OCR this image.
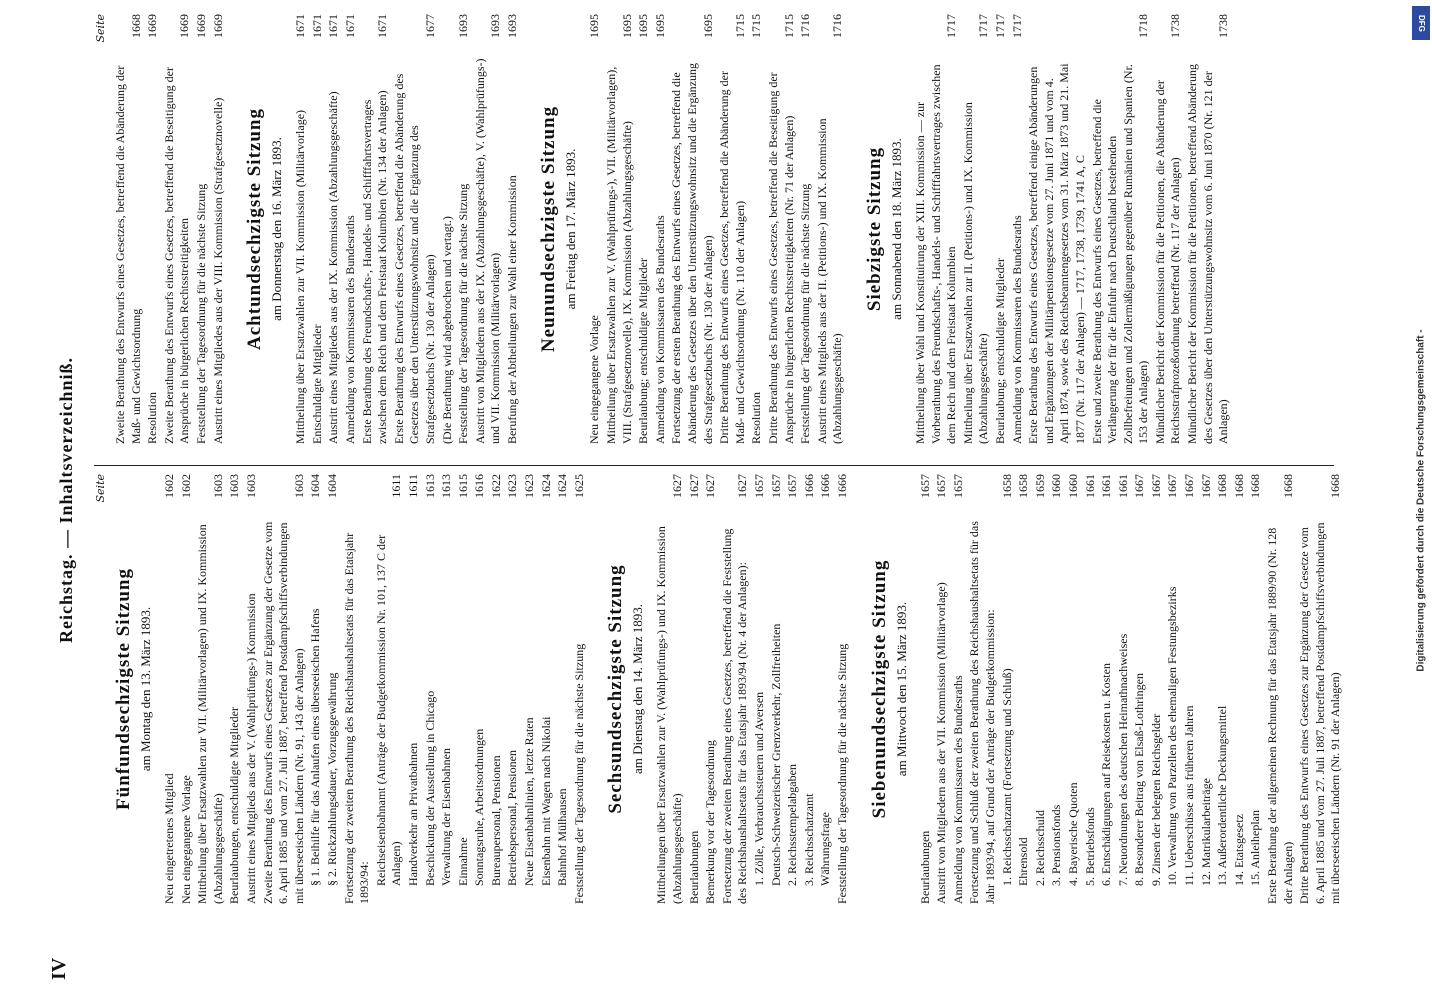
IV
Reichstag. — Inhaltsverzeichniß. Seite
Fünfundsechzigste Sitzung am Montag den 13. März 1893.
Neu eingetretenes Mitglied
1602
Neu eingegangene Vorlage
1602
Mittheilung über Ersatzwahlen zur VII. (Militärvorlagen) und IX. Kommission (Abzahlungsgeschäfte)
1603
Beurlaubungen, entschuldigte Mitglieder
1603
Austritt eines Mitglieds aus der V. (Wahlprüfungs-) Kommission
1603
Zweite Berathung des Entwurfs eines Gesetzes zur Ergänzung der Gesetze vom 6. April 1885 und vom 27. Juli 1887, betreffend Postdampfschiffsverbindungen mit überseeischen Ländern (Nr. 91, 143 der Anlagen)
1603
§ 1. Beihilfe für das Anlaufen eines überseeischen Hafens
1604
§ 2. Rückzahlungsdauer, Vorzugsgewährung
1604
Fortsetzung der zweiten Berathung des Reichshaushaltsetats für das Etatsjahr 1893/94: Reichseisenbahnamt (Anträge der Budgetkommission Nr. 101, 137 C der Anlagen)
1611
Handverkehr an Privatbahnen
1611
Beschickung der Ausstellung in Chicago
1613
Verwaltung der Eisenbahnen
1613
Einnahme
1615
Sonntagsruhe, Arbeitsordnungen
1616
Bureaupersonal, Pensionen
1622
Betriebspersonal, Pensionen
1623
Neue Eisenbahnlinien, letzte Raten
1623
Eisenbahn mit Wagen nach Nikolai
1624
Bahnhof Mülhausen
1624
Feststellung der Tagesordnung für die nächste Sitzung
1625
Sechsundsechzigste Sitzung am Dienstag den 14. März 1893. Mittheilungen über Ersatzwahlen zur V. (Wahlprüfungs-) und IX. Kommission (Abzahlungsgeschäfte)
1627
Beurlaubungen
1627
Bemerkung vor der Tagesordnung
1627
Fortsetzung der zweiten Berathung eines Gesetzes, betreffend die Feststellung des Reichshaushaltsetats für das Etatsjahr 1893/94 (Nr. 4 der Anlagen):
1627
1. Zölle, Verbrauchssteuern und Aversen
1657
Deutsch-Schweizerischer Grenzverkehr, Zollfreiheiten
1657
2. Reichsstempelabgaben
1657
3. Reichsschatzamt
1666
Währungsfrage
1666
Feststellung der Tagesordnung für die nächste Sitzung
1666
Siebenundsechzigste Sitzung am Mittwoch den 15. März 1893.
Beurlaubungen
1657
Austritt von Mitgliedern aus der VII. Kommission (Militärvorlage)
1657
Anmeldung von Kommissaren des Bundesraths
1657
Fortsetzung und Schluß der zweiten Berathung des Reichshaushaltsetats für das Jahr 1893/94, auf Grund der Anträge der Budgetkommission: 1. Reichsschatzamt (Fortsetzung und Schluß)
1658
Ehrensold
1658
2. Reichsschuld
1659
3. Pensionsfonds
1660
4. Bayerische Quoten
1660
5. Betriebsfonds
1661
6. Entschädigungen auf Reisekosten u. Kosten
1661
7. Neuordnungen des deutschen Heimathnachweises
1661
8. Besonderer Beitrag von Elsaß-Lothringen
1667
9. Zinsen der belegten Reichsgelder
1667
10. Verwaltung von Parzellen des ehemaligen Festungsbezirks
1667
11. Ueberschüsse aus früheren Jahren
1667
12. Matrikularbeiträge
1667
13. Außerordentliche Deckungsmittel
1668
14. Etatsgesetz
1668
15. Anleiheplan
1668
Erste Berathung der allgemeinen Rechnung für das Etatsjahr 1889/90 (Nr. 128 der Anlagen)
1668
Dritte Berathung des Entwurfs eines Gesetzes zur Ergänzung der Gesetze vom 6. April 1885 und vom 27. Juli 1887, betreffend Postdampfschiffsverbindungen mit überseeischen Ländern (Nr. 91 der Anlagen)
1668
Seite
Zweite Berathung des Entwurfs eines Gesetzes, betreffend die Abänderung der Maß- und Gewichtsordnung
1668
Resolution
1669
Zweite Berathung des Entwurfs eines Gesetzes, betreffend die Beseitigung der Ansprüche in bürgerlichen Rechtsstreitigkeiten
1669
Feststellung der Tagesordnung für die nächste Sitzung
1669
Austritt eines Mitgliedes aus der VIII. Kommission (Strafgesetznovelle)
1669
Achtundsechzigste Sitzung am Donnerstag den 16. März 1893. Mittheilung über Ersatzwahlen zur VII. Kommission (Militärvorlage)
1671
Entschuldigte Mitglieder
1671
Austritt eines Mitgliedes aus der IX. Kommission (Abzahlungsgeschäfte)
1671
Anmeldung von Kommissaren des Bundesraths
1671
Erste Berathung des Freundschafts-, Handels- und Schifffahrtsvertrages zwischen dem Reich und dem Freistaat Kolumbien (Nr. 134 der Anlagen)
1671
Erste Berathung des Entwurfs eines Gesetzes, betreffend die Abänderung des Gesetzes über den Unterstützungswohnsitz und die Ergänzung des Strafgesetzbuchs (Nr. 130 der Anlagen)
1677
(Die Berathung wird abgebrochen und vertagt.) Feststellung der Tagesordnung für die nächste Sitzung
1693
Austritt von Mitgliedern aus der IX. (Abzahlungsgeschäfte), V. (Wahlprüfungs-) und VII. Kommission (Militärvorlagen)
1693
Berufung der Abtheilungen zur Wahl einer Kommission
1693
Neunundsechzigste Sitzung am Freitag den 17. März 1893.
Neu eingegangene Vorlage
1695
Mittheilung über Ersatzwahlen zur V. (Wahlprüfungs-), VII. (Militärvorlagen), VIII. (Strafgesetznovelle), IX. Kommission (Abzahlungsgeschäfte)
1695
Beurlaubung; entschuldigte Mitglieder
1695
Anmeldung von Kommissaren des Bundesraths
1695
Fortsetzung der ersten Berathung des Entwurfs eines Gesetzes, betreffend die Abänderung des Gesetzes über den Unterstützungswohnsitz und die Ergänzung des Strafgesetzbuchs (Nr. 130 der Anlagen)
1695
Dritte Berathung des Entwurfs eines Gesetzes, betreffend die Abänderung der Maß- und Gewichtsordnung (Nr. 110 der Anlagen)
1715
Resolution
1715
Dritte Berathung des Entwurfs eines Gesetzes, betreffend die Beseitigung der Ansprüche in bürgerlichen Rechtsstreitigkeiten (Nr. 71 der Anlagen)
1715
Feststellung der Tagesordnung für die nächste Sitzung
1716
Austritt eines Mitglieds aus der II. (Petitions-) und IX. Kommission (Abzahlungsgeschäfte)
1716
Siebzigste Sitzung am Sonnabend den 18. März 1893. Mittheilung über Wahl und Konstituirung der XIII. Kommission — zur Vorberathung des Freundschafts-, Handels- und Schifffahrtsvertrages zwischen dem Reich und dem Freistaat Kolumbien
1717
Mittheilung über Ersatzwahlen zur II. (Petitions-) und IX. Kommission (Abzahlungsgeschäfte)
1717
Beurlaubung; entschuldigte Mitglieder
1717
Anmeldung von Kommissaren des Bundesraths
1717
Erste Berathung des Entwurfs eines Gesetzes, betreffend einige Abänderungen und Ergänzungen der Militärpensionsgesetze vom 27. Juni 1871 und vom 4. April 1874, sowie des Reichsbeamtengesetzes vom 31. März 1873 und 21. Mai 1877 (Nr. 117 der Anlagen) — 1717, 1738, 1739, 1741 A, C Erste und zweite Berathung des Entwurfs eines Gesetzes, betreffend die Verlängerung der für die Einfuhr nach Deutschland bestehenden Zollbefreiungen und Zollermäßigungen gegenüber Rumänien und Spanien (Nr. 153 der Anlagen)
1718
Mündlicher Bericht der Kommission für die Petitionen, die Abänderung der Reichsstrafprozeßordnung betreffend (Nr. 117 der Anlagen)
1738
Mündlicher Bericht der Kommission für die Petitionen, betreffend Abänderung des Gesetzes über den Unterstützungswohnsitz vom 6. Juni 1870 (Nr. 121 der Anlagen)
1738
Digitalisierung gefördert durch die Deutsche Forschungsgemeinschaft -
DFG
